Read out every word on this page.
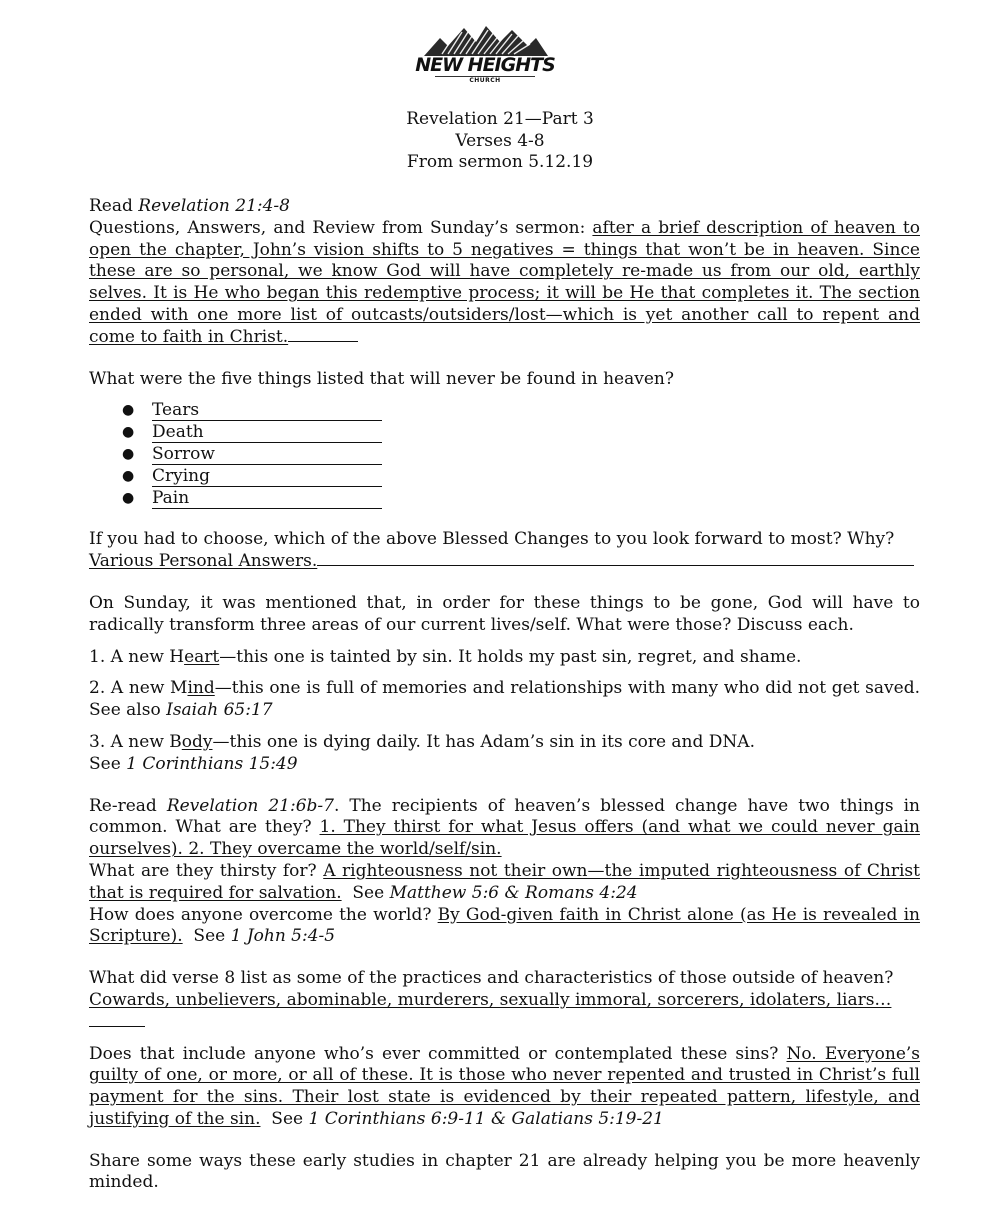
NEW HEIGHTS
CHURCH
Revelation 21—Part 3
Verses 4-8
From sermon 5.12.19

Read Revelation 21:4-8

Questions, Answers, and Review from Sunday’s sermon: after a brief description of heaven to open the chapter, John’s vision shifts to 5 negatives = things that won’t be in heaven. Since these are so personal, we know God will have completely re-made us from our old, earthly selves. It is He who began this redemptive process; it will be He that completes it. The section ended with one more list of outcasts/outsiders/lost—which is yet another call to repent and come to faith in Christ.

What were the five things listed that will never be found in heaven?

● Tears
● Death
● Sorrow
● Crying
● Pain

If you had to choose, which of the above Blessed Changes to you look forward to most? Why?

Various Personal Answers.

On Sunday, it was mentioned that, in order for these things to be gone, God will have to radically transform three areas of our current lives/self. What were those? Discuss each.

1. A new Heart—this one is tainted by sin. It holds my past sin, regret, and shame.

2. A new Mind—this one is full of memories and relationships with many who did not get saved. See also Isaiah 65:17

3. A new Body—this one is dying daily. It has Adam’s sin in its core and DNA.
See 1 Corinthians 15:49

Re-read Revelation 21:6b-7. The recipients of heaven’s blessed change have two things in common. What are they? 1. They thirst for what Jesus offers (and what we could never gain ourselves). 2. They overcame the world/self/sin.

What are they thirsty for? A righteousness not their own—the imputed righteousness of Christ that is required for salvation.  See Matthew 5:6 & Romans 4:24

How does anyone overcome the world? By God-given faith in Christ alone (as He is revealed in Scripture).  See 1 John 5:4-5

What did verse 8 list as some of the practices and characteristics of those outside of heaven?

Cowards, unbelievers, abominable, murderers, sexually immoral, sorcerers, idolaters, liars…

Does that include anyone who’s ever committed or contemplated these sins? No. Everyone’s guilty of one, or more, or all of these. It is those who never repented and trusted in Christ’s full payment for the sins. Their lost state is evidenced by their repeated pattern, lifestyle, and justifying of the sin.  See 1 Corinthians 6:9-11 & Galatians 5:19-21

Share some ways these early studies in chapter 21 are already helping you be more heavenly minded.
